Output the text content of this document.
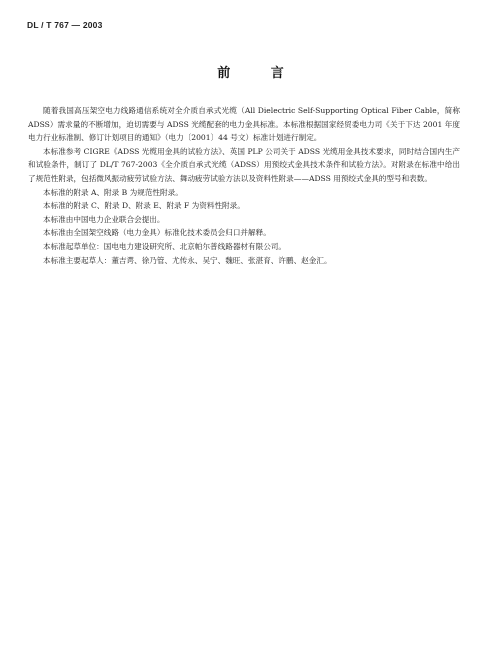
DL / T 767 — 2003
前 言

随着我国高压架空电力线路通信系统对全介质自承式光缆（All Dielectric Self-Supporting Optical Fiber Cable，简称 ADSS）需求量的不断增加，迫切需要与 ADSS 光缆配套的电力金具标准。本标准根据国家经贸委电力司《关于下达 2001 年度电力行业标准制、修订计划项目的通知》（电力〔2001〕44 号文）标准计划进行制定。

本标准参考 CIGRE《ADSS 光缆用金具的试验方法》、英国 PLP 公司关于 ADSS 光缆用金具技术要求，同时结合国内生产和试验条件，制订了 DL/T 767-2003《全介质自承式光缆（ADSS）用预绞式金具技术条件和试验方法》。对附录在标准中给出了规范性附录，包括微风振动疲劳试验方法、舞动疲劳试验方法以及资料性附录——ADSS 用预绞式金具的型号和表数。

本标准的附录 A、附录 B 为规范性附录。

本标准的附录 C、附录 D、附录 E、附录 F 为资料性附录。

本标准由中国电力企业联合会提出。

本标准由全国架空线路（电力金具）标准化技术委员会归口并解释。

本标准起草单位：国电电力建设研究所、北京帕尔普线路器材有限公司。

本标准主要起草人：董吉谔、徐乃管、尤传永、吴宁、魏旺、张湛育、许鹏、赵金汇。
